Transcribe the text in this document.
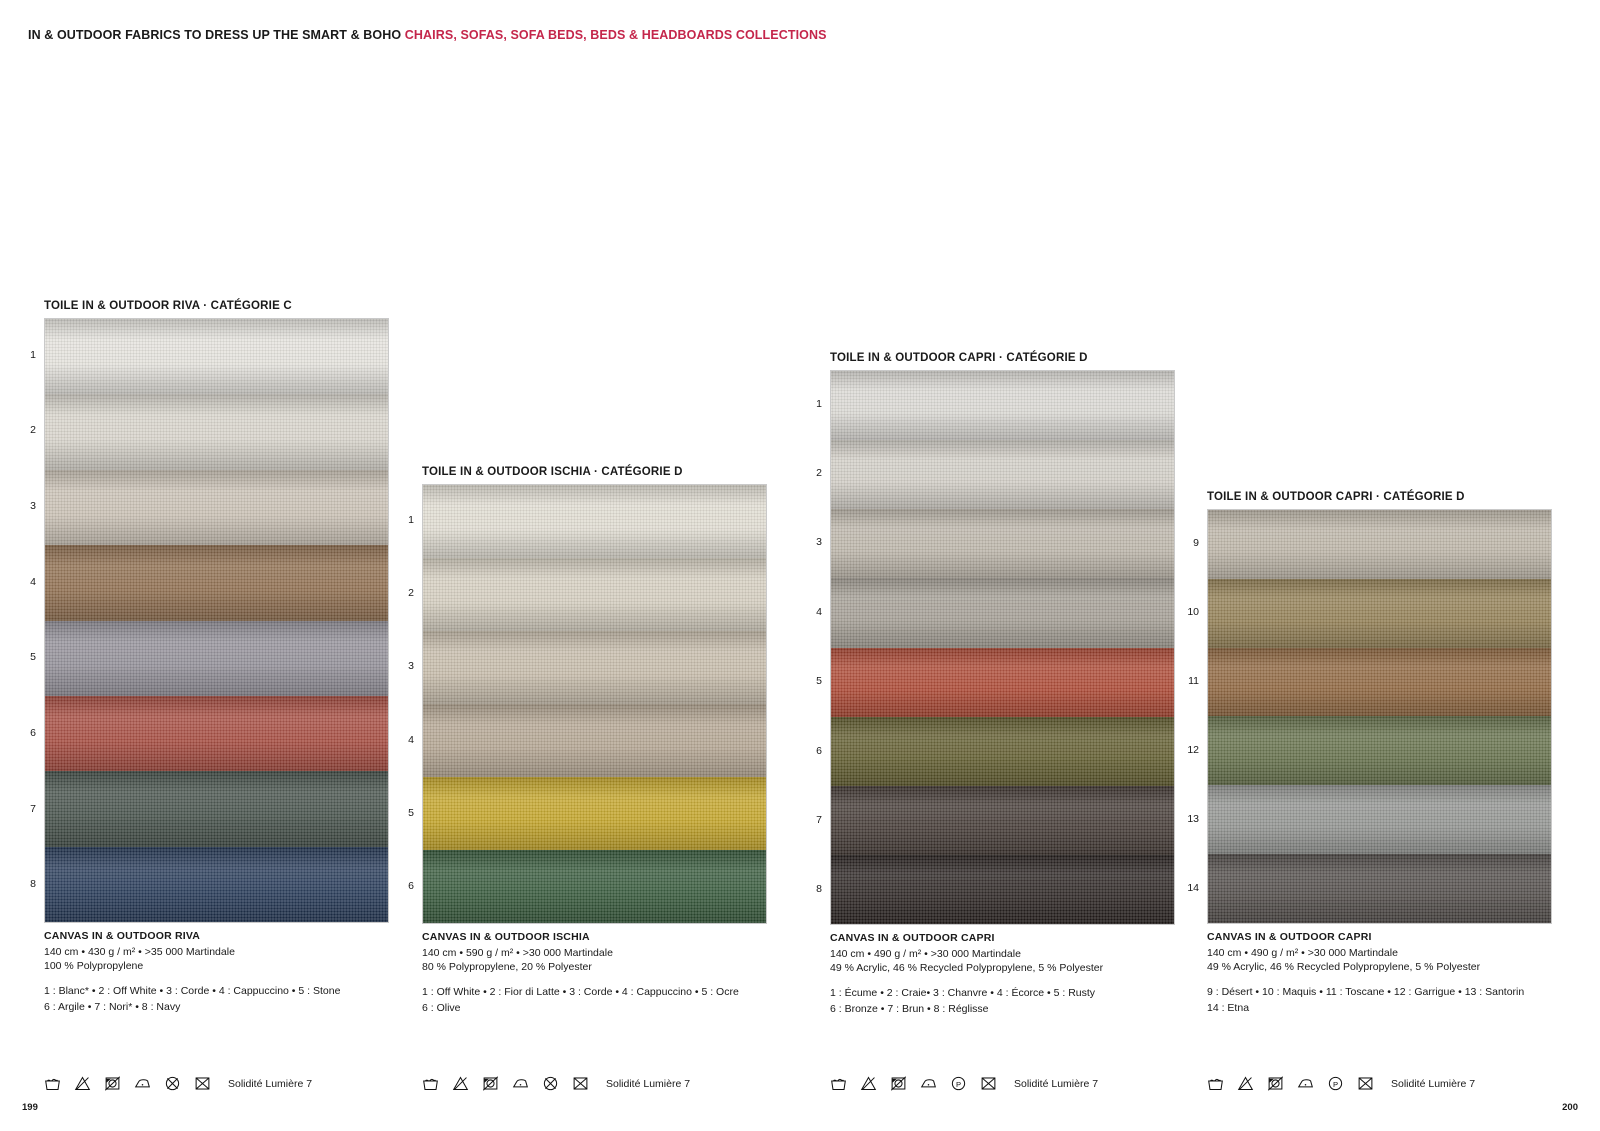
IN & OUTDOOR FABRICS TO DRESS UP THE SMART & BOHO CHAIRS, SOFAS, SOFA BEDS, BEDS & HEADBOARDS COLLECTIONS
TOILE IN & OUTDOOR RIVA · CATÉGORIE C
1
2
3
4
5
6
7
8
CANVAS IN & OUTDOOR RIVA
140 cm • 430 g / m² • >35 000 Martindale
100 % Polypropylene
1 : Blanc* • 2 : Off White • 3 : Corde • 4 : Cappuccino • 5 : Stone
6 : Argile • 7 : Nori* • 8 : Navy
Solidité Lumière 7
TOILE IN & OUTDOOR ISCHIA · CATÉGORIE D
1
2
3
4
5
6
CANVAS IN & OUTDOOR ISCHIA
140 cm • 590 g / m² • >30 000 Martindale
80 % Polypropylene, 20 % Polyester
1 : Off White • 2 : Fior di Latte • 3 : Corde • 4 : Cappuccino • 5 : Ocre
6 : Olive
Solidité Lumière 7
TOILE IN & OUTDOOR CAPRI · CATÉGORIE D
1
2
3
4
5
6
7
8
CANVAS IN & OUTDOOR CAPRI
140 cm • 490 g / m² • >30 000 Martindale
49 % Acrylic, 46 % Recycled Polypropylene, 5 % Polyester
1 : Écume • 2 : Craie• 3 : Chanvre • 4 : Écorce • 5 : Rusty
6 : Bronze • 7 : Brun • 8 : Réglisse
P	Solidité Lumière 7
TOILE IN & OUTDOOR CAPRI · CATÉGORIE D
9
10
11
12
13
14
CANVAS IN & OUTDOOR CAPRI
140 cm • 490 g / m² • >30 000 Martindale
49 % Acrylic, 46 % Recycled Polypropylene, 5 % Polyester
9 : Désert • 10 : Maquis • 11 : Toscane • 12 : Garrigue • 13 : Santorin
14 : Etna
P	Solidité Lumière 7
199	200
